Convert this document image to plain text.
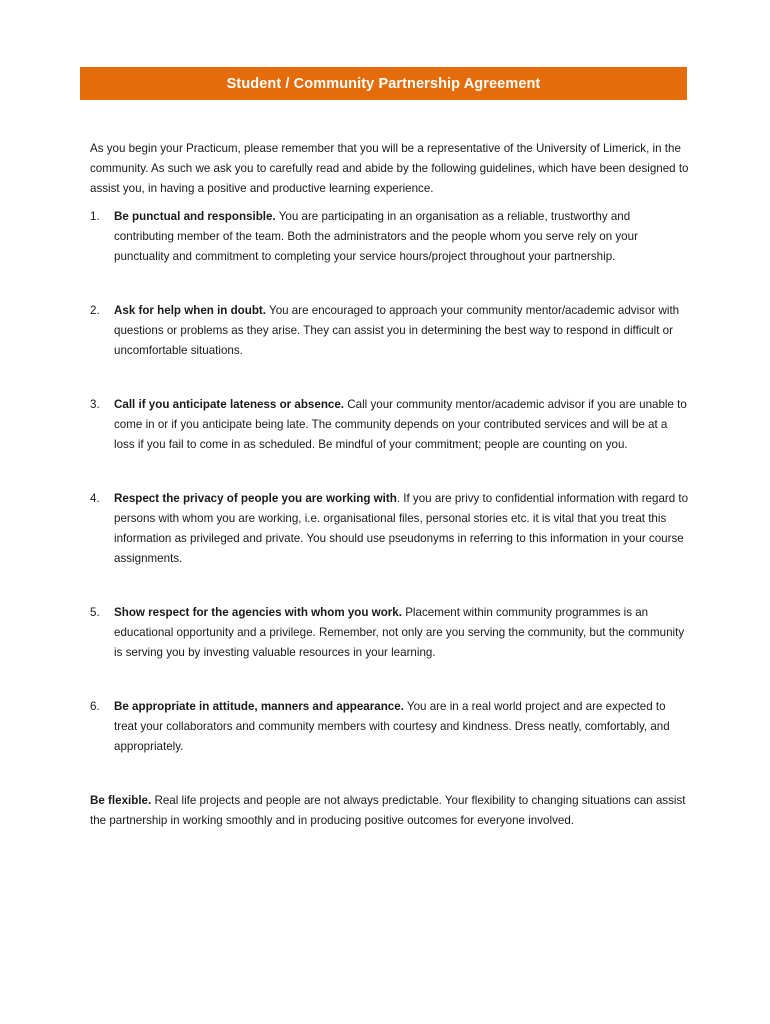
Student / Community Partnership Agreement

As you begin your Practicum, please remember that you will be a representative of the University of Limerick, in the community. As such we ask you to carefully read and abide by the following guidelines, which have been designed to assist you, in having a positive and productive learning experience.

1.	Be punctual and responsible. You are participating in an organisation as a reliable, trustworthy and contributing member of the team. Both the administrators and the people whom you serve rely on your punctuality and commitment to completing your service hours/project throughout your partnership.
2.	Ask for help when in doubt. You are encouraged to approach your community mentor/academic advisor with questions or problems as they arise. They can assist you in determining the best way to respond in difficult or uncomfortable situations.
3.	Call if you anticipate lateness or absence. Call your community mentor/academic advisor if you are unable to come in or if you anticipate being late. The community depends on your contributed services and will be at a loss if you fail to come in as scheduled. Be mindful of your commitment; people are counting on you.
4.	Respect the privacy of people you are working with. If you are privy to confidential information with regard to persons with whom you are working, i.e. organisational files, personal stories etc. it is vital that you treat this information as privileged and private. You should use pseudonyms in referring to this information in your course assignments.
5.	Show respect for the agencies with whom you work. Placement within community programmes is an educational opportunity and a privilege. Remember, not only are you serving the community, but the community is serving you by investing valuable resources in your learning.
6.	Be appropriate in attitude, manners and appearance. You are in a real world project and are expected to treat your collaborators and community members with courtesy and kindness. Dress neatly, comfortably, and appropriately.

Be flexible. Real life projects and people are not always predictable. Your flexibility to changing situations can assist the partnership in working smoothly and in producing positive outcomes for everyone involved.
